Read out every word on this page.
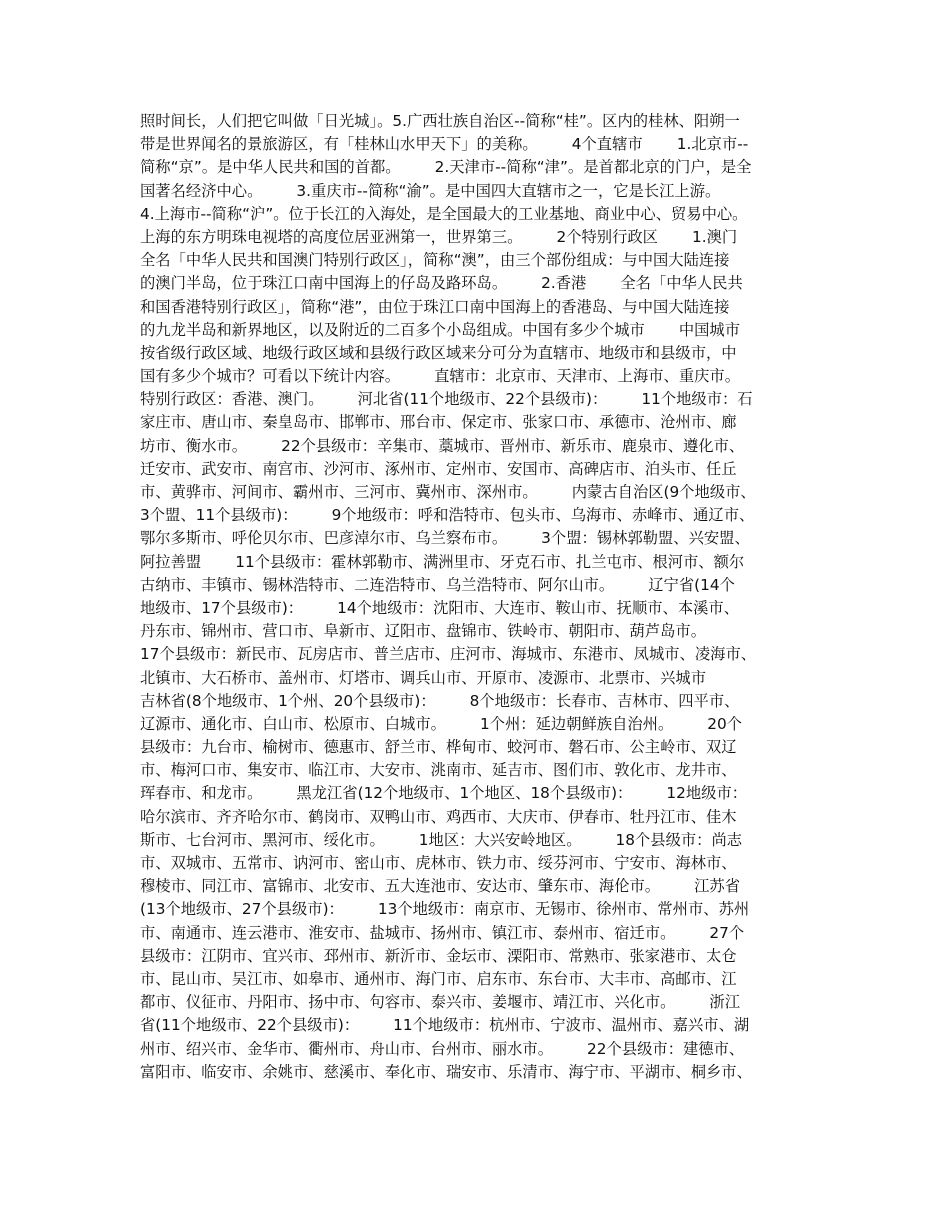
照时间长，人们把它叫做「日光城」。5.广西壮族自治区--简称“桂”。区内的桂林、阳朔一
带是世界闻名的景旅游区，有「桂林山水甲天下」的美称。       4个直辖市       1.北京市--
简称“京”。是中华人民共和国的首都。       2.天津市--简称“津”。是首都北京的门户，是全
国著名经济中心。       3.重庆市--简称“渝”。是中国四大直辖市之一，它是长江上游。
4.上海市--简称“沪”。位于长江的入海处，是全国最大的工业基地、商业中心、贸易中心。
上海的东方明珠电视塔的高度位居亚洲第一，世界第三。       2个特别行政区       1.澳门
全名「中华人民共和国澳门特别行政区」，简称“澳”，由三个部份组成：与中国大陆连接
的澳门半岛，位于珠江口南中国海上的仔岛及路环岛。       2.香港       全名「中华人民共
和国香港特别行政区」，简称“港”，由位于珠江口南中国海上的香港岛、与中国大陆连接
的九龙半岛和新界地区，以及附近的二百多个小岛组成。中国有多少个城市       中国城市
按省级行政区域、地级行政区域和县级行政区域来分可分为直辖市、地级市和县级市，中
国有多少个城市？可看以下统计内容。       直辖市：北京市、天津市、上海市、重庆市。
特别行政区：香港、澳门。       河北省(11个地级市、22个县级市)：       11个地级市：石
家庄市、唐山市、秦皇岛市、邯郸市、邢台市、保定市、张家口市、承德市、沧州市、廊
坊市、衡水市。       22个县级市：辛集市、藁城市、晋州市、新乐市、鹿泉市、遵化市、
迁安市、武安市、南宫市、沙河市、涿州市、定州市、安国市、高碑店市、泊头市、任丘
市、黄骅市、河间市、霸州市、三河市、冀州市、深州市。       内蒙古自治区(9个地级市、
3个盟、11个县级市)：       9个地级市：呼和浩特市、包头市、乌海市、赤峰市、通辽市、
鄂尔多斯市、呼伦贝尔市、巴彦淖尔市、乌兰察布市。       3个盟：锡林郭勒盟、兴安盟、
阿拉善盟       11个县级市：霍林郭勒市、满洲里市、牙克石市、扎兰屯市、根河市、额尔
古纳市、丰镇市、锡林浩特市、二连浩特市、乌兰浩特市、阿尔山市。       辽宁省(14个
地级市、17个县级市)：       14个地级市：沈阳市、大连市、鞍山市、抚顺市、本溪市、
丹东市、锦州市、营口市、阜新市、辽阳市、盘锦市、铁岭市、朝阳市、葫芦岛市。
17个县级市：新民市、瓦房店市、普兰店市、庄河市、海城市、东港市、凤城市、凌海市、
北镇市、大石桥市、盖州市、灯塔市、调兵山市、开原市、凌源市、北票市、兴城市
吉林省(8个地级市、1个州、20个县级市)：       8个地级市：长春市、吉林市、四平市、
辽源市、通化市、白山市、松原市、白城市。       1个州：延边朝鲜族自治州。       20个
县级市：九台市、榆树市、德惠市、舒兰市、桦甸市、蛟河市、磐石市、公主岭市、双辽
市、梅河口市、集安市、临江市、大安市、洮南市、延吉市、图们市、敦化市、龙井市、
珲春市、和龙市。       黑龙江省(12个地级市、1个地区、18个县级市)：       12地级市：
哈尔滨市、齐齐哈尔市、鹤岗市、双鸭山市、鸡西市、大庆市、伊春市、牡丹江市、佳木
斯市、七台河市、黑河市、绥化市。       1地区：大兴安岭地区。       18个县级市：尚志
市、双城市、五常市、讷河市、密山市、虎林市、铁力市、绥芬河市、宁安市、海林市、
穆棱市、同江市、富锦市、北安市、五大连池市、安达市、肇东市、海伦市。       江苏省
(13个地级市、27个县级市)：       13个地级市：南京市、无锡市、徐州市、常州市、苏州
市、南通市、连云港市、淮安市、盐城市、扬州市、镇江市、泰州市、宿迁市。       27个
县级市：江阴市、宜兴市、邳州市、新沂市、金坛市、溧阳市、常熟市、张家港市、太仓
市、昆山市、吴江市、如皋市、通州市、海门市、启东市、东台市、大丰市、高邮市、江
都市、仪征市、丹阳市、扬中市、句容市、泰兴市、姜堰市、靖江市、兴化市。       浙江
省(11个地级市、22个县级市)：       11个地级市：杭州市、宁波市、温州市、嘉兴市、湖
州市、绍兴市、金华市、衢州市、舟山市、台州市、丽水市。       22个县级市：建德市、
富阳市、临安市、余姚市、慈溪市、奉化市、瑞安市、乐清市、海宁市、平湖市、桐乡市、
